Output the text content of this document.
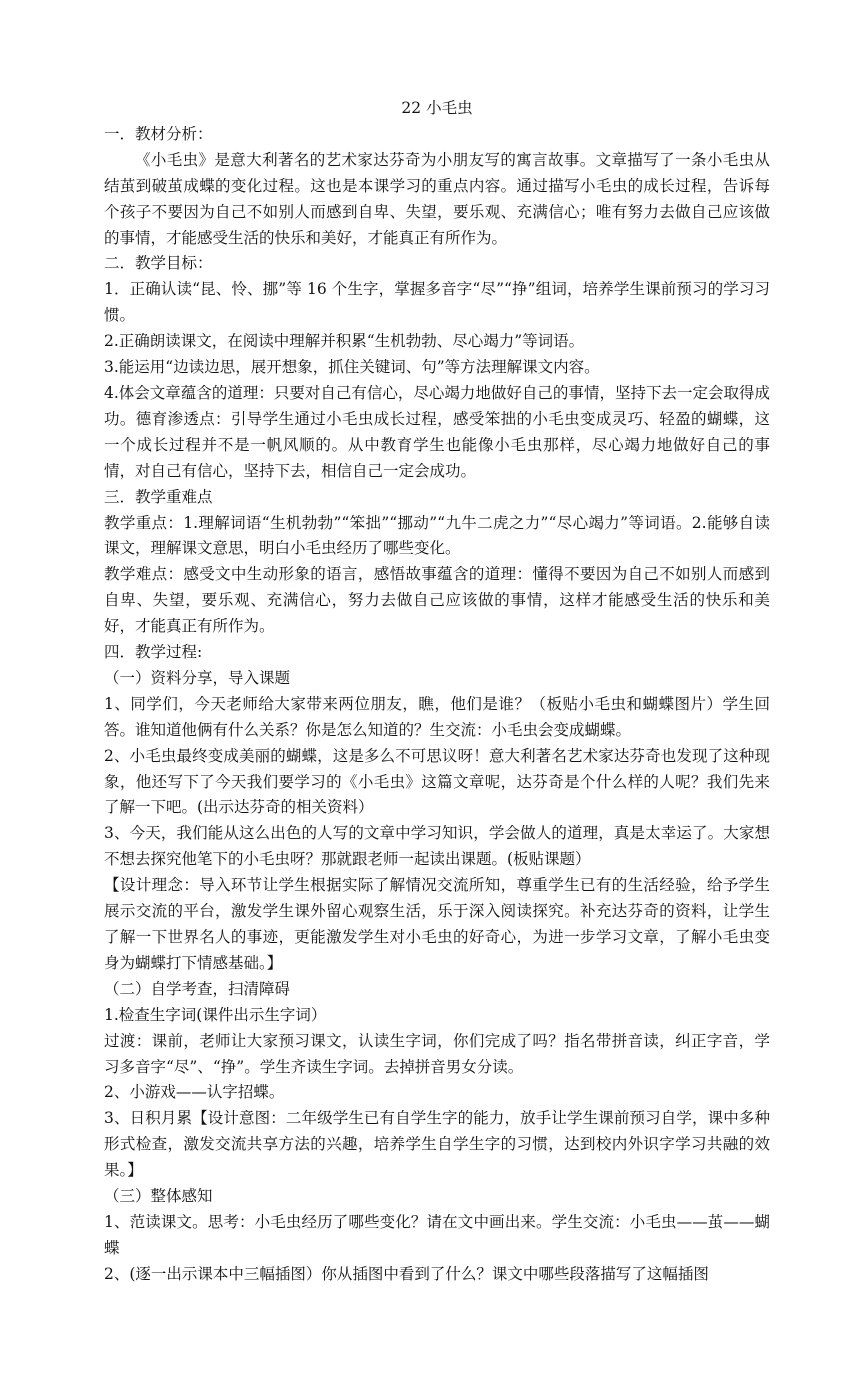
22 小毛虫

一．教材分析：

《小毛虫》是意大利著名的艺术家达芬奇为小朋友写的寓言故事。文章描写了一条小毛虫从结茧到破茧成蝶的变化过程。这也是本课学习的重点内容。通过描写小毛虫的成长过程，告诉每个孩子不要因为自己不如别人而感到自卑、失望，要乐观、充满信心；唯有努力去做自己应该做的事情，才能感受生活的快乐和美好，才能真正有所作为。

二．教学目标：

1．正确认读“昆、怜、挪”等 16 个生字，掌握多音字“尽”“挣”组词，培养学生课前预习的学习习惯。

2.正确朗读课文，在阅读中理解并积累“生机勃勃、尽心竭力”等词语。

3.能运用“边读边思，展开想象，抓住关键词、句”等方法理解课文内容。

4.体会文章蕴含的道理：只要对自己有信心，尽心竭力地做好自己的事情，坚持下去一定会取得成功。德育渗透点：引导学生通过小毛虫成长过程，感受笨拙的小毛虫变成灵巧、轻盈的蝴蝶，这一个成长过程并不是一帆风顺的。从中教育学生也能像小毛虫那样，尽心竭力地做好自己的事情，对自己有信心，坚持下去，相信自己一定会成功。

三．教学重难点

教学重点：1.理解词语“生机勃勃”“笨拙”“挪动”“九牛二虎之力”“尽心竭力”等词语。2.能够自读课文，理解课文意思，明白小毛虫经历了哪些变化。

教学难点：感受文中生动形象的语言，感悟故事蕴含的道理：懂得不要因为自己不如别人而感到自卑、失望，要乐观、充满信心，努力去做自己应该做的事情，这样才能感受生活的快乐和美好，才能真正有所作为。

四．教学过程:

（一）资料分享，导入课题

1、同学们，今天老师给大家带来两位朋友，瞧，他们是谁？（板贴小毛虫和蝴蝶图片）学生回答。谁知道他俩有什么关系？你是怎么知道的？生交流：小毛虫会变成蝴蝶。

2、小毛虫最终变成美丽的蝴蝶，这是多么不可思议呀！意大利著名艺术家达芬奇也发现了这种现象，他还写下了今天我们要学习的《小毛虫》这篇文章呢，达芬奇是个什么样的人呢？我们先来了解一下吧。(出示达芬奇的相关资料）

3、今天，我们能从这么出色的人写的文章中学习知识，学会做人的道理，真是太幸运了。大家想不想去探究他笔下的小毛虫呀？那就跟老师一起读出课题。(板贴课题）

【设计理念：导入环节让学生根据实际了解情况交流所知，尊重学生已有的生活经验，给予学生展示交流的平台，激发学生课外留心观察生活，乐于深入阅读探究。补充达芬奇的资料，让学生了解一下世界名人的事迹，更能激发学生对小毛虫的好奇心，为进一步学习文章，了解小毛虫变身为蝴蝶打下情感基础。】

（二）自学考查，扫清障碍

1.检查生字词(课件出示生字词）

过渡：课前，老师让大家预习课文，认读生字词，你们完成了吗？指名带拼音读，纠正字音，学习多音字“尽”、“挣”。学生齐读生字词。去掉拼音男女分读。

2、小游戏——认字招蝶。

3、日积月累【设计意图：二年级学生已有自学生字的能力，放手让学生课前预习自学，课中多种形式检查，激发交流共享方法的兴趣，培养学生自学生字的习惯，达到校内外识字学习共融的效果。】

（三）整体感知

1、范读课文。思考：小毛虫经历了哪些变化？请在文中画出来。学生交流：小毛虫——茧——蝴蝶

2、(逐一出示课本中三幅插图）你从插图中看到了什么？课文中哪些段落描写了这幅插图
